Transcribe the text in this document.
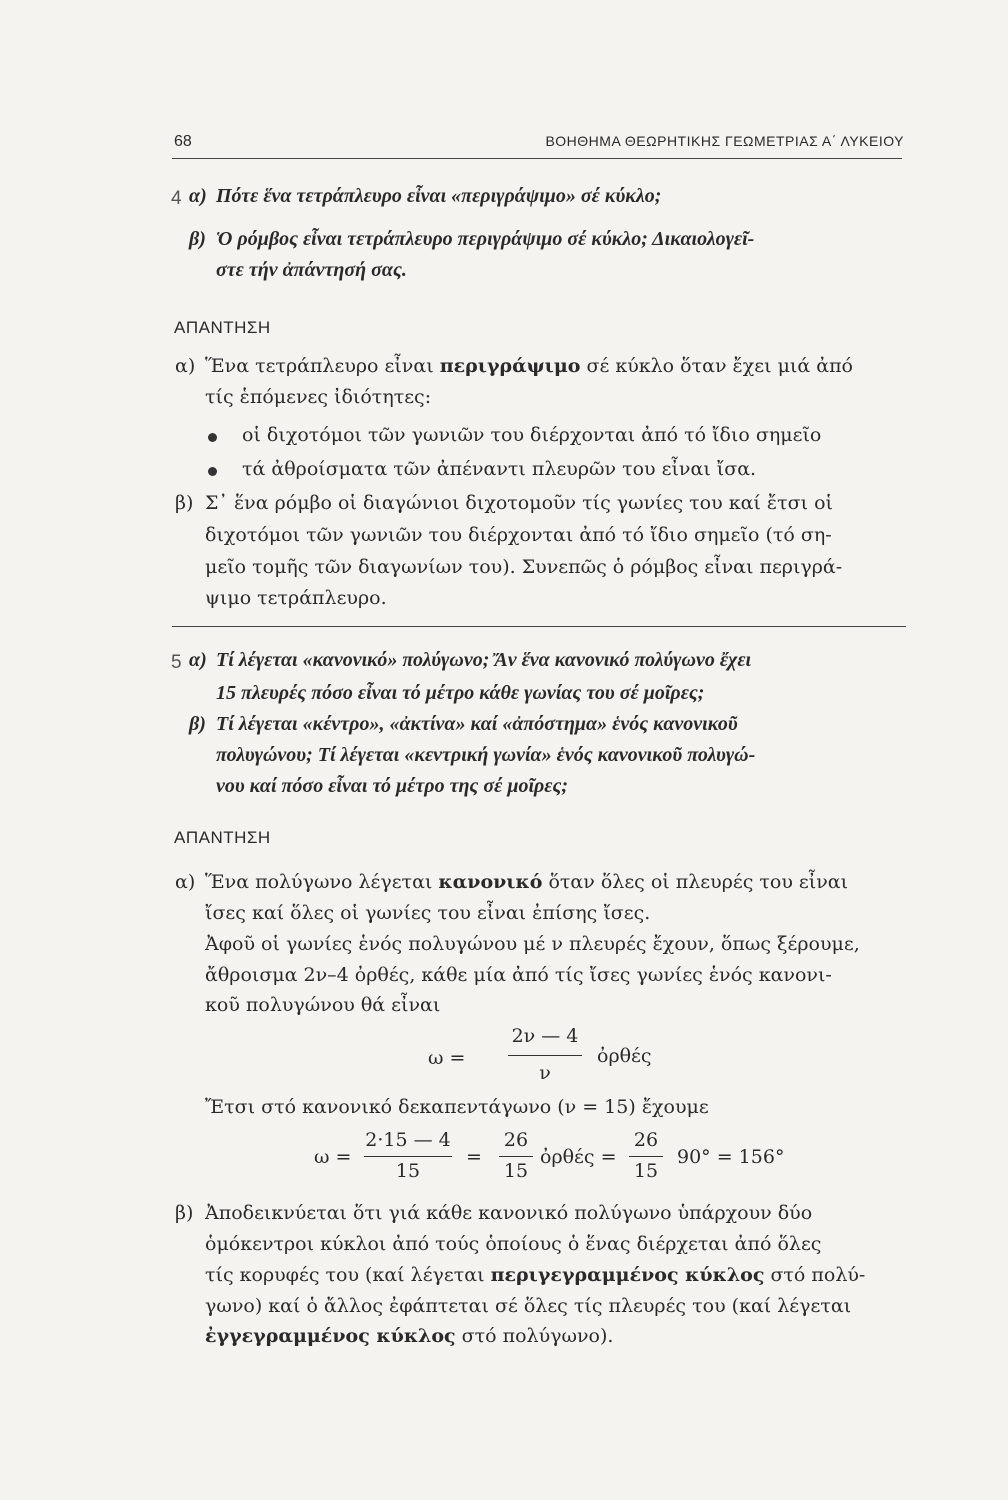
68	ΒΟΗΘΗΜΑ ΘΕΩΡΗΤΙΚΗΣ ΓΕΩΜΕΤΡΙΑΣ Α΄ ΛΥΚΕΙΟΥ
4 α) Πότε ἕνα τετράπλευρο εἶναι «περιγράψιμο» σέ κύκλο;
β) Ὁ ρόμβος εἶναι τετράπλευρο περιγράψιμο σέ κύκλο; Δικαιολογεῖ-
στε τήν ἀπάντησή σας.
ΑΠΑΝΤΗΣΗ
α) Ἕνα τετράπλευρο εἶναι περιγράψιμο σέ κύκλο ὅταν ἔχει μιά ἀπό
τίς ἑπόμενες ἰδιότητες:
οἱ διχοτόμοι τῶν γωνιῶν του διέρχονται ἀπό τό ἴδιο σημεῖο
τά ἀθροίσματα τῶν ἀπέναντι πλευρῶν του εἶναι ἴσα.
β) Σ᾽ ἕνα ρόμβο οἱ διαγώνιοι διχοτομοῦν τίς γωνίες του καί ἔτσι οἱ
διχοτόμοι τῶν γωνιῶν του διέρχονται ἀπό τό ἴδιο σημεῖο (τό ση-
μεῖο τομῆς τῶν διαγωνίων του). Συνεπῶς ὁ ρόμβος εἶναι περιγρά-
ψιμο τετράπλευρο.
5 α) Τί λέγεται «κανονικό» πολύγωνο; Ἄν ἕνα κανονικό πολύγωνο ἔχει
15 πλευρές πόσο εἶναι τό μέτρο κάθε γωνίας του σέ μοῖρες;
β) Τί λέγεται «κέντρο», «ἀκτίνα» καί «ἀπόστημα» ἑνός κανονικοῦ
πολυγώνου; Τί λέγεται «κεντρική γωνία» ἑνός κανονικοῦ πολυγώ-
νου καί πόσο εἶναι τό μέτρο της σέ μοῖρες;
ΑΠΑΝΤΗΣΗ
α) Ἕνα πολύγωνο λέγεται κανονικό ὅταν ὅλες οἱ πλευρές του εἶναι
ἴσες καί ὅλες οἱ γωνίες του εἶναι ἐπίσης ἴσες.
Ἀφοῦ οἱ γωνίες ἑνός πολυγώνου μέ ν πλευρές ἔχουν, ὅπως ξέρουμε,
ἄθροισμα 2ν–4 ὀρθές, κάθε μία ἀπό τίς ἴσες γωνίες ἑνός κανονι-
κοῦ πολυγώνου θά εἶναι
ω =
2ν — 4
ν
ὀρθές
Ἔτσι στό κανονικό δεκαπεντάγωνο (ν = 15) ἔχουμε
ω =
2·15 — 4
15
=
26
15
ὀρθές =
26
15
90° = 156°
β) Ἀποδεικνύεται ὅτι γιά κάθε κανονικό πολύγωνο ὑπάρχουν δύο
ὁμόκεντροι κύκλοι ἀπό τούς ὁποίους ὁ ἕνας διέρχεται ἀπό ὅλες
τίς κορυφές του (καί λέγεται περιγεγραμμένος κύκλος στό πολύ-
γωνο) καί ὁ ἄλλος ἐφάπτεται σέ ὅλες τίς πλευρές του (καί λέγεται
ἐγγεγραμμένος κύκλος στό πολύγωνο).
